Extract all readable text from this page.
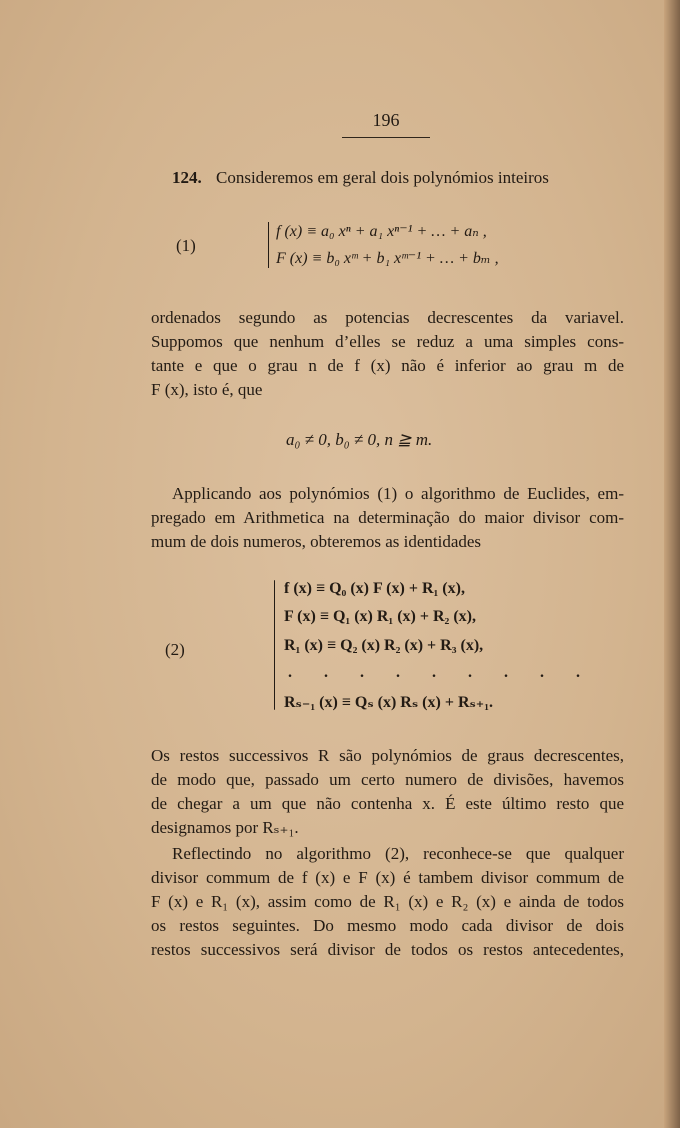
196
124. Consideremos em geral dois polynómios inteiros
(1)
f (x) ≡ a₀ xⁿ + a₁ xⁿ⁻¹ + … + aₙ ,
F (x) ≡ b₀ xᵐ + b₁ xᵐ⁻¹ + … + bₘ ,
ordenados segundo as potencias decrescentes da variavel.
Suppomos que nenhum d’elles se reduz a uma simples cons-
tante e que o grau n de f (x) não é inferior ao grau m de
F (x), isto é, que
a₀ ≠ 0, b₀ ≠ 0, n ≧ m.
Applicando aos polynómios (1) o algorithmo de Euclides, em-
pregado em Arithmetica na determinação do maior divisor com-
mum de dois numeros, obteremos as identidades
(2)
f (x) ≡ Q₀ (x) F (x) + R₁ (x),
F (x) ≡ Q₁ (x) R₁ (x) + R₂ (x),
R₁ (x) ≡ Q₂ (x) R₂ (x) + R₃ (x),
. . . . . . . . .
Rₛ₋₁ (x) ≡ Qₛ (x) Rₛ (x) + Rₛ₊₁.
Os restos successivos R são polynómios de graus decrescentes,
de modo que, passado um certo numero de divisões, havemos
de chegar a um que não contenha x. É este último resto que
designamos por Rₛ₊₁.
Reflectindo no algorithmo (2), reconhece-se que qualquer
divisor commum de f (x) e F (x) é tambem divisor commum de
F (x) e R₁ (x), assim como de R₁ (x) e R₂ (x) e ainda de todos
os restos seguintes. Do mesmo modo cada divisor de dois
restos successivos será divisor de todos os restos antecedentes,
